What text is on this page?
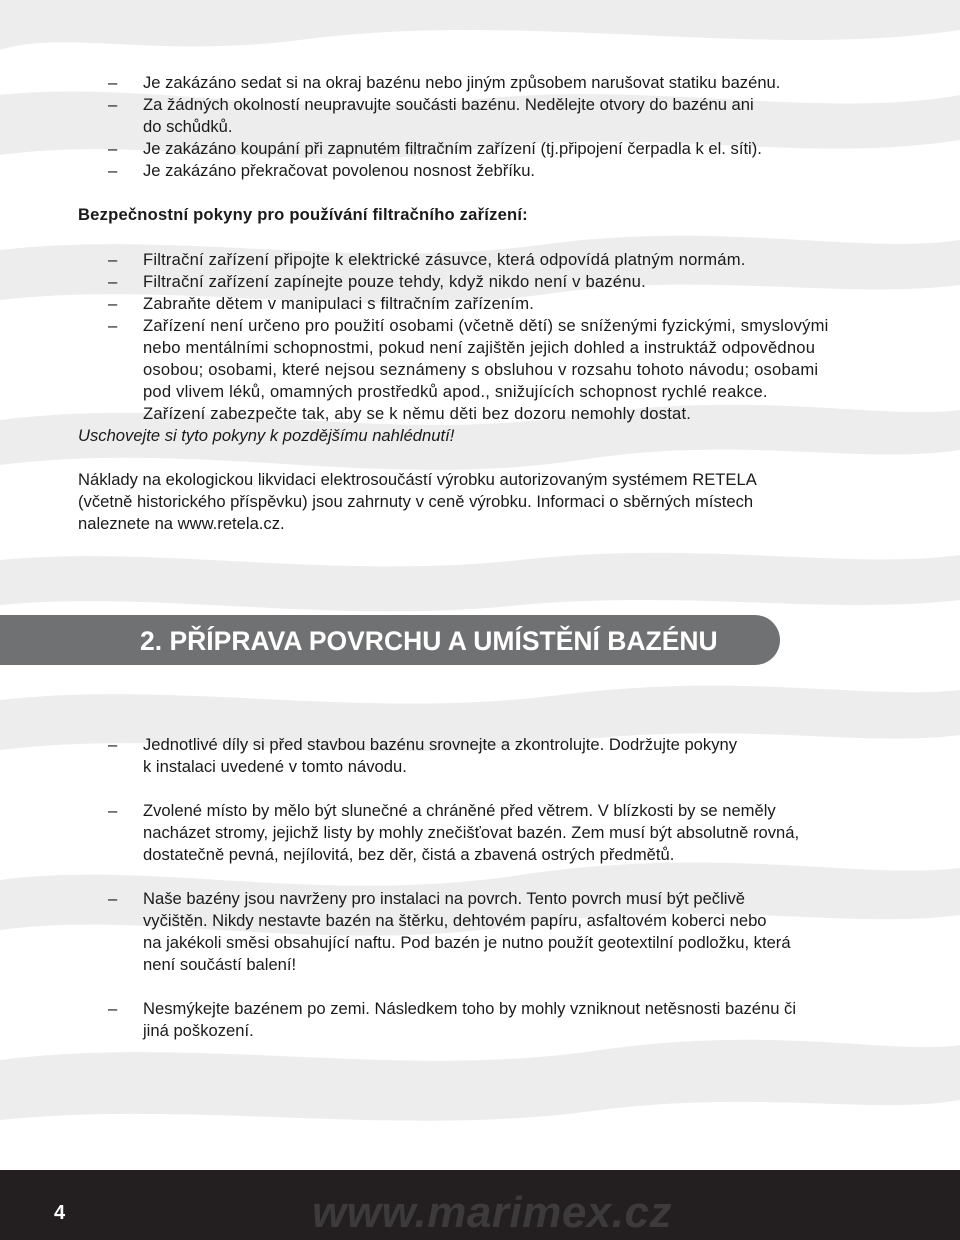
– Je zakázáno sedat si na okraj bazénu nebo jiným způsobem narušovat statiku bazénu.
– Za žádných okolností neupravujte součásti bazénu. Nedělejte otvory do bazénu ani
do schůdků.
– Je zakázáno koupání při zapnutém filtračním zařízení (tj.připojení čerpadla k el. síti).
– Je zakázáno překračovat povolenou nosnost žebříku.
Bezpečnostní pokyny pro používání filtračního zařízení:
– Filtrační zařízení připojte k elektrické zásuvce, která odpovídá platným normám.
– Filtrační zařízení zapínejte pouze tehdy, když nikdo není v bazénu.
– Zabraňte dětem v manipulaci s filtračním zařízením.
– Zařízení není určeno pro použití osobami (včetně dětí) se sníženými fyzickými, smyslovými
nebo mentálními schopnostmi, pokud není zajištěn jejich dohled a instruktáž odpovědnou
osobou; osobami, které nejsou seznámeny s obsluhou v rozsahu tohoto návodu; osobami
pod vlivem léků, omamných prostředků apod., snižujících schopnost rychlé reakce.
Zařízení zabezpečte tak, aby se k němu děti bez dozoru nemohly dostat.

Uschovejte si tyto pokyny k pozdějšímu nahlédnutí!

Náklady na ekologickou likvidaci elektrosoučástí výrobku autorizovaným systémem RETELA
(včetně historického příspěvku) jsou zahrnuty v ceně výrobku. Informaci o sběrných místech
naleznete na www.retela.cz.

2. PŘÍPRAVA POVRCHU A UMÍSTĚNÍ BAZÉNU
– Jednotlivé díly si před stavbou bazénu srovnejte a zkontrolujte. Dodržujte pokyny
k instalaci uvedené v tomto návodu.
– Zvolené místo by mělo být slunečné a chráněné před větrem. V blízkosti by se neměly
nacházet stromy, jejichž listy by mohly znečišťovat bazén. Zem musí být absolutně rovná,
dostatečně pevná, nejílovitá, bez děr, čistá a zbavená ostrých předmětů.
– Naše bazény jsou navrženy pro instalaci na povrch. Tento povrch musí být pečlivě
vyčištěn. Nikdy nestavte bazén na štěrku, dehtovém papíru, asfaltovém koberci nebo
na jakékoli směsi obsahující naftu. Pod bazén je nutno použít geotextilní podložku, která
není součástí balení!
– Nesmýkejte bazénem po zemi. Následkem toho by mohly vzniknout netěsnosti bazénu či
jiná poškození.
4	www.marimex.cz
